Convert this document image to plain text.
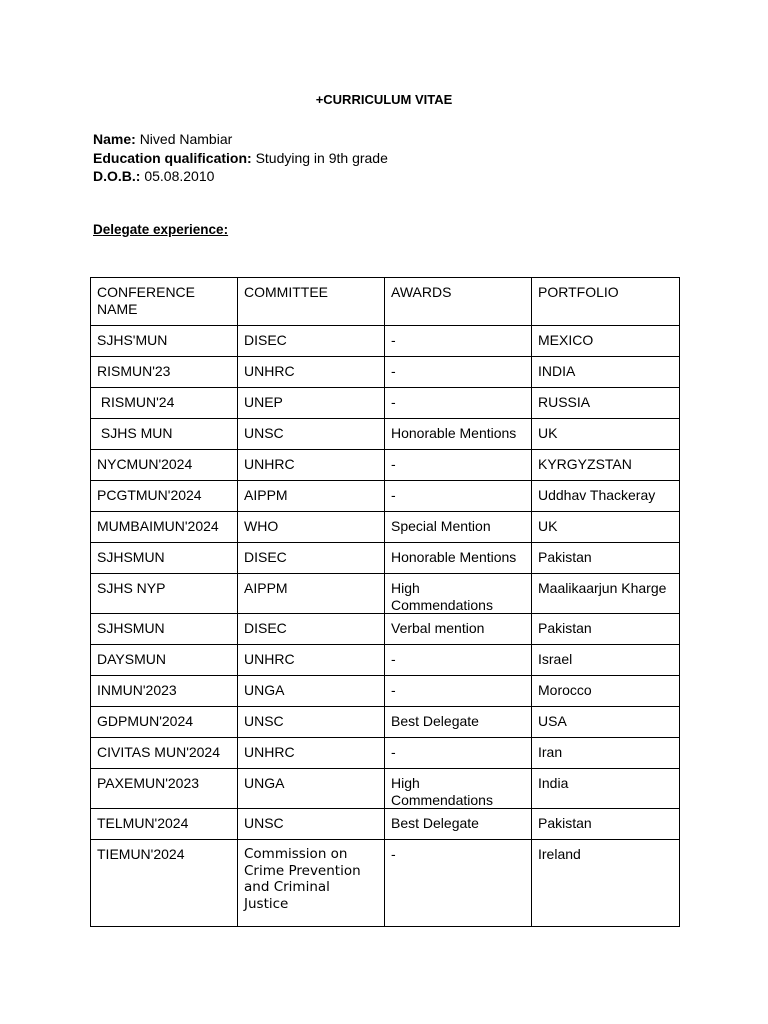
+CURRICULUM VITAE
Name: Nived Nambiar
Education qualification: Studying in 9th grade
D.O.B.: 05.08.2010
Delegate experience:
CONFERENCE NAME	COMMITTEE	AWARDS	PORTFOLIO
SJHS'MUN	DISEC	-	MEXICO
RISMUN'23	UNHRC	-	INDIA
RISMUN'24	UNEP	-	RUSSIA
SJHS MUN	UNSC	Honorable Mentions	UK
NYCMUN'2024	UNHRC	-	KYRGYZSTAN
PCGTMUN'2024	AIPPM	-	Uddhav Thackeray
MUMBAIMUN'2024	WHO	Special Mention	UK
SJHSMUN	DISEC	Honorable Mentions	Pakistan
SJHS NYP	AIPPM	High Commendations	Maalikaarjun Kharge
SJHSMUN	DISEC	Verbal mention	Pakistan
DAYSMUN	UNHRC	-	Israel
INMUN'2023	UNGA	-	Morocco
GDPMUN'2024	UNSC	Best Delegate	USA
CIVITAS MUN'2024	UNHRC	-	Iran
PAXEMUN'2023	UNGA	High Commendations	India
TELMUN'2024	UNSC	Best Delegate	Pakistan
TIEMUN'2024	Commission on Crime Prevention and Criminal Justice	-	Ireland
